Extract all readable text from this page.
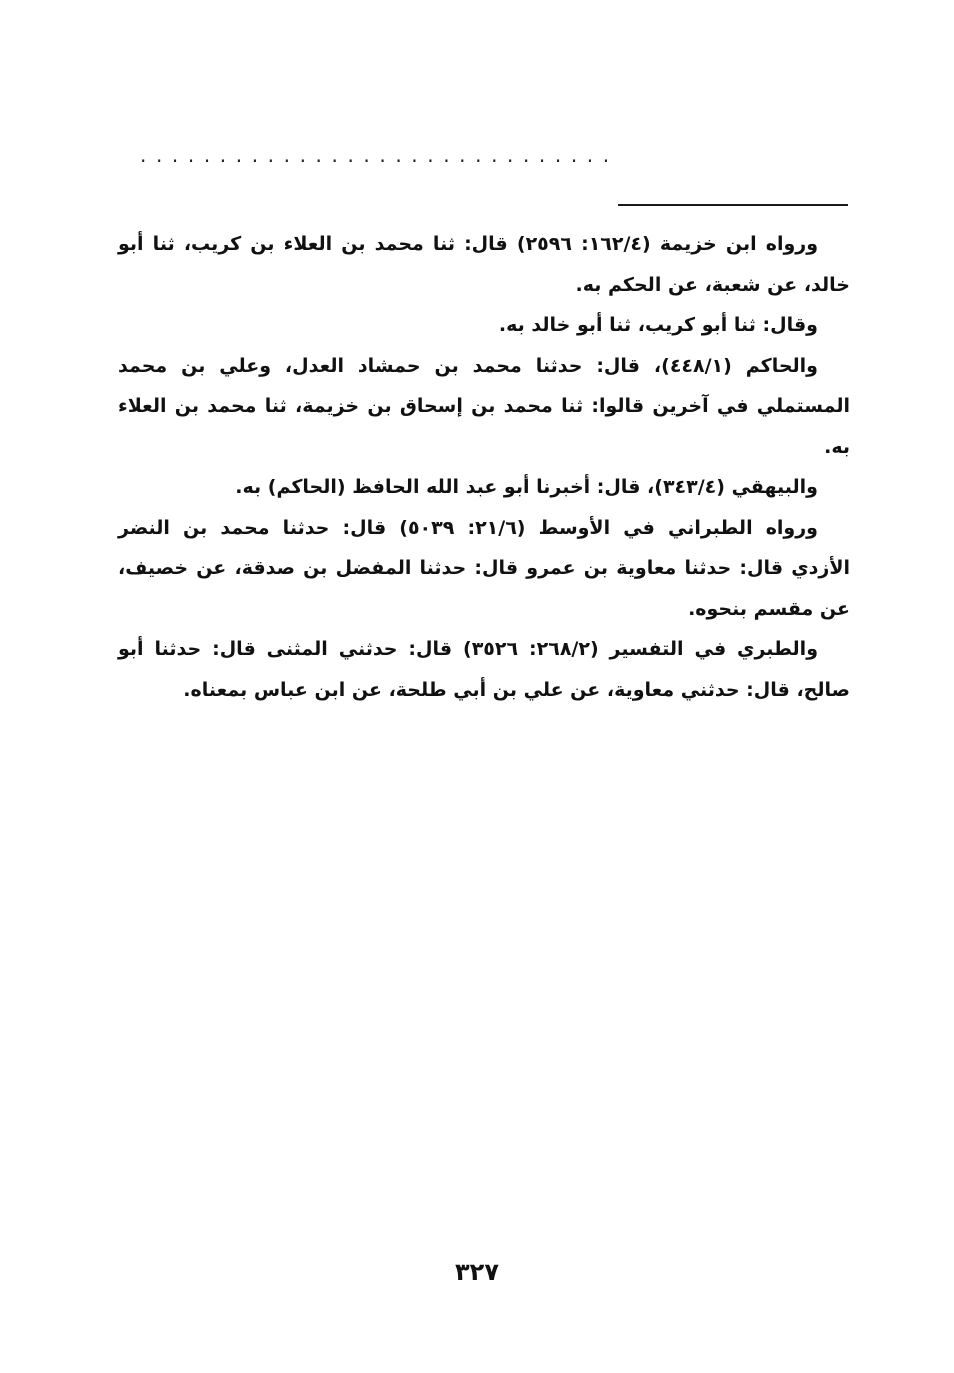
..............................

ورواه ابن خزيمة (١٦٢/٤: ٢٥٩٦) قال: ثنا محمد بن العلاء بن كريب، ثنا أبو خالد، عن شعبة، عن الحكم به.

وقال: ثنا أبو كريب، ثنا أبو خالد به.

والحاكم (٤٤٨/١)، قال: حدثنا محمد بن حمشاد العدل، وعلي بن محمد المستملي في آخرين قالوا: ثنا محمد بن إسحاق بن خزيمة، ثنا محمد بن العلاء به.

والبيهقي (٣٤٣/٤)، قال: أخبرنا أبو عبد الله الحافظ (الحاكم) به.

ورواه الطبراني في الأوسط (٢١/٦: ٥٠٣٩) قال: حدثنا محمد بن النضر الأزدي قال: حدثنا معاوية بن عمرو قال: حدثنا المفضل بن صدقة، عن خصيف، عن مقسم بنحوه.

والطبري في التفسير (٢٦٨/٢: ٣٥٢٦) قال: حدثني المثنى قال: حدثنا أبو صالح، قال: حدثني معاوية، عن علي بن أبي طلحة، عن ابن عباس بمعناه.

٣٢٧
